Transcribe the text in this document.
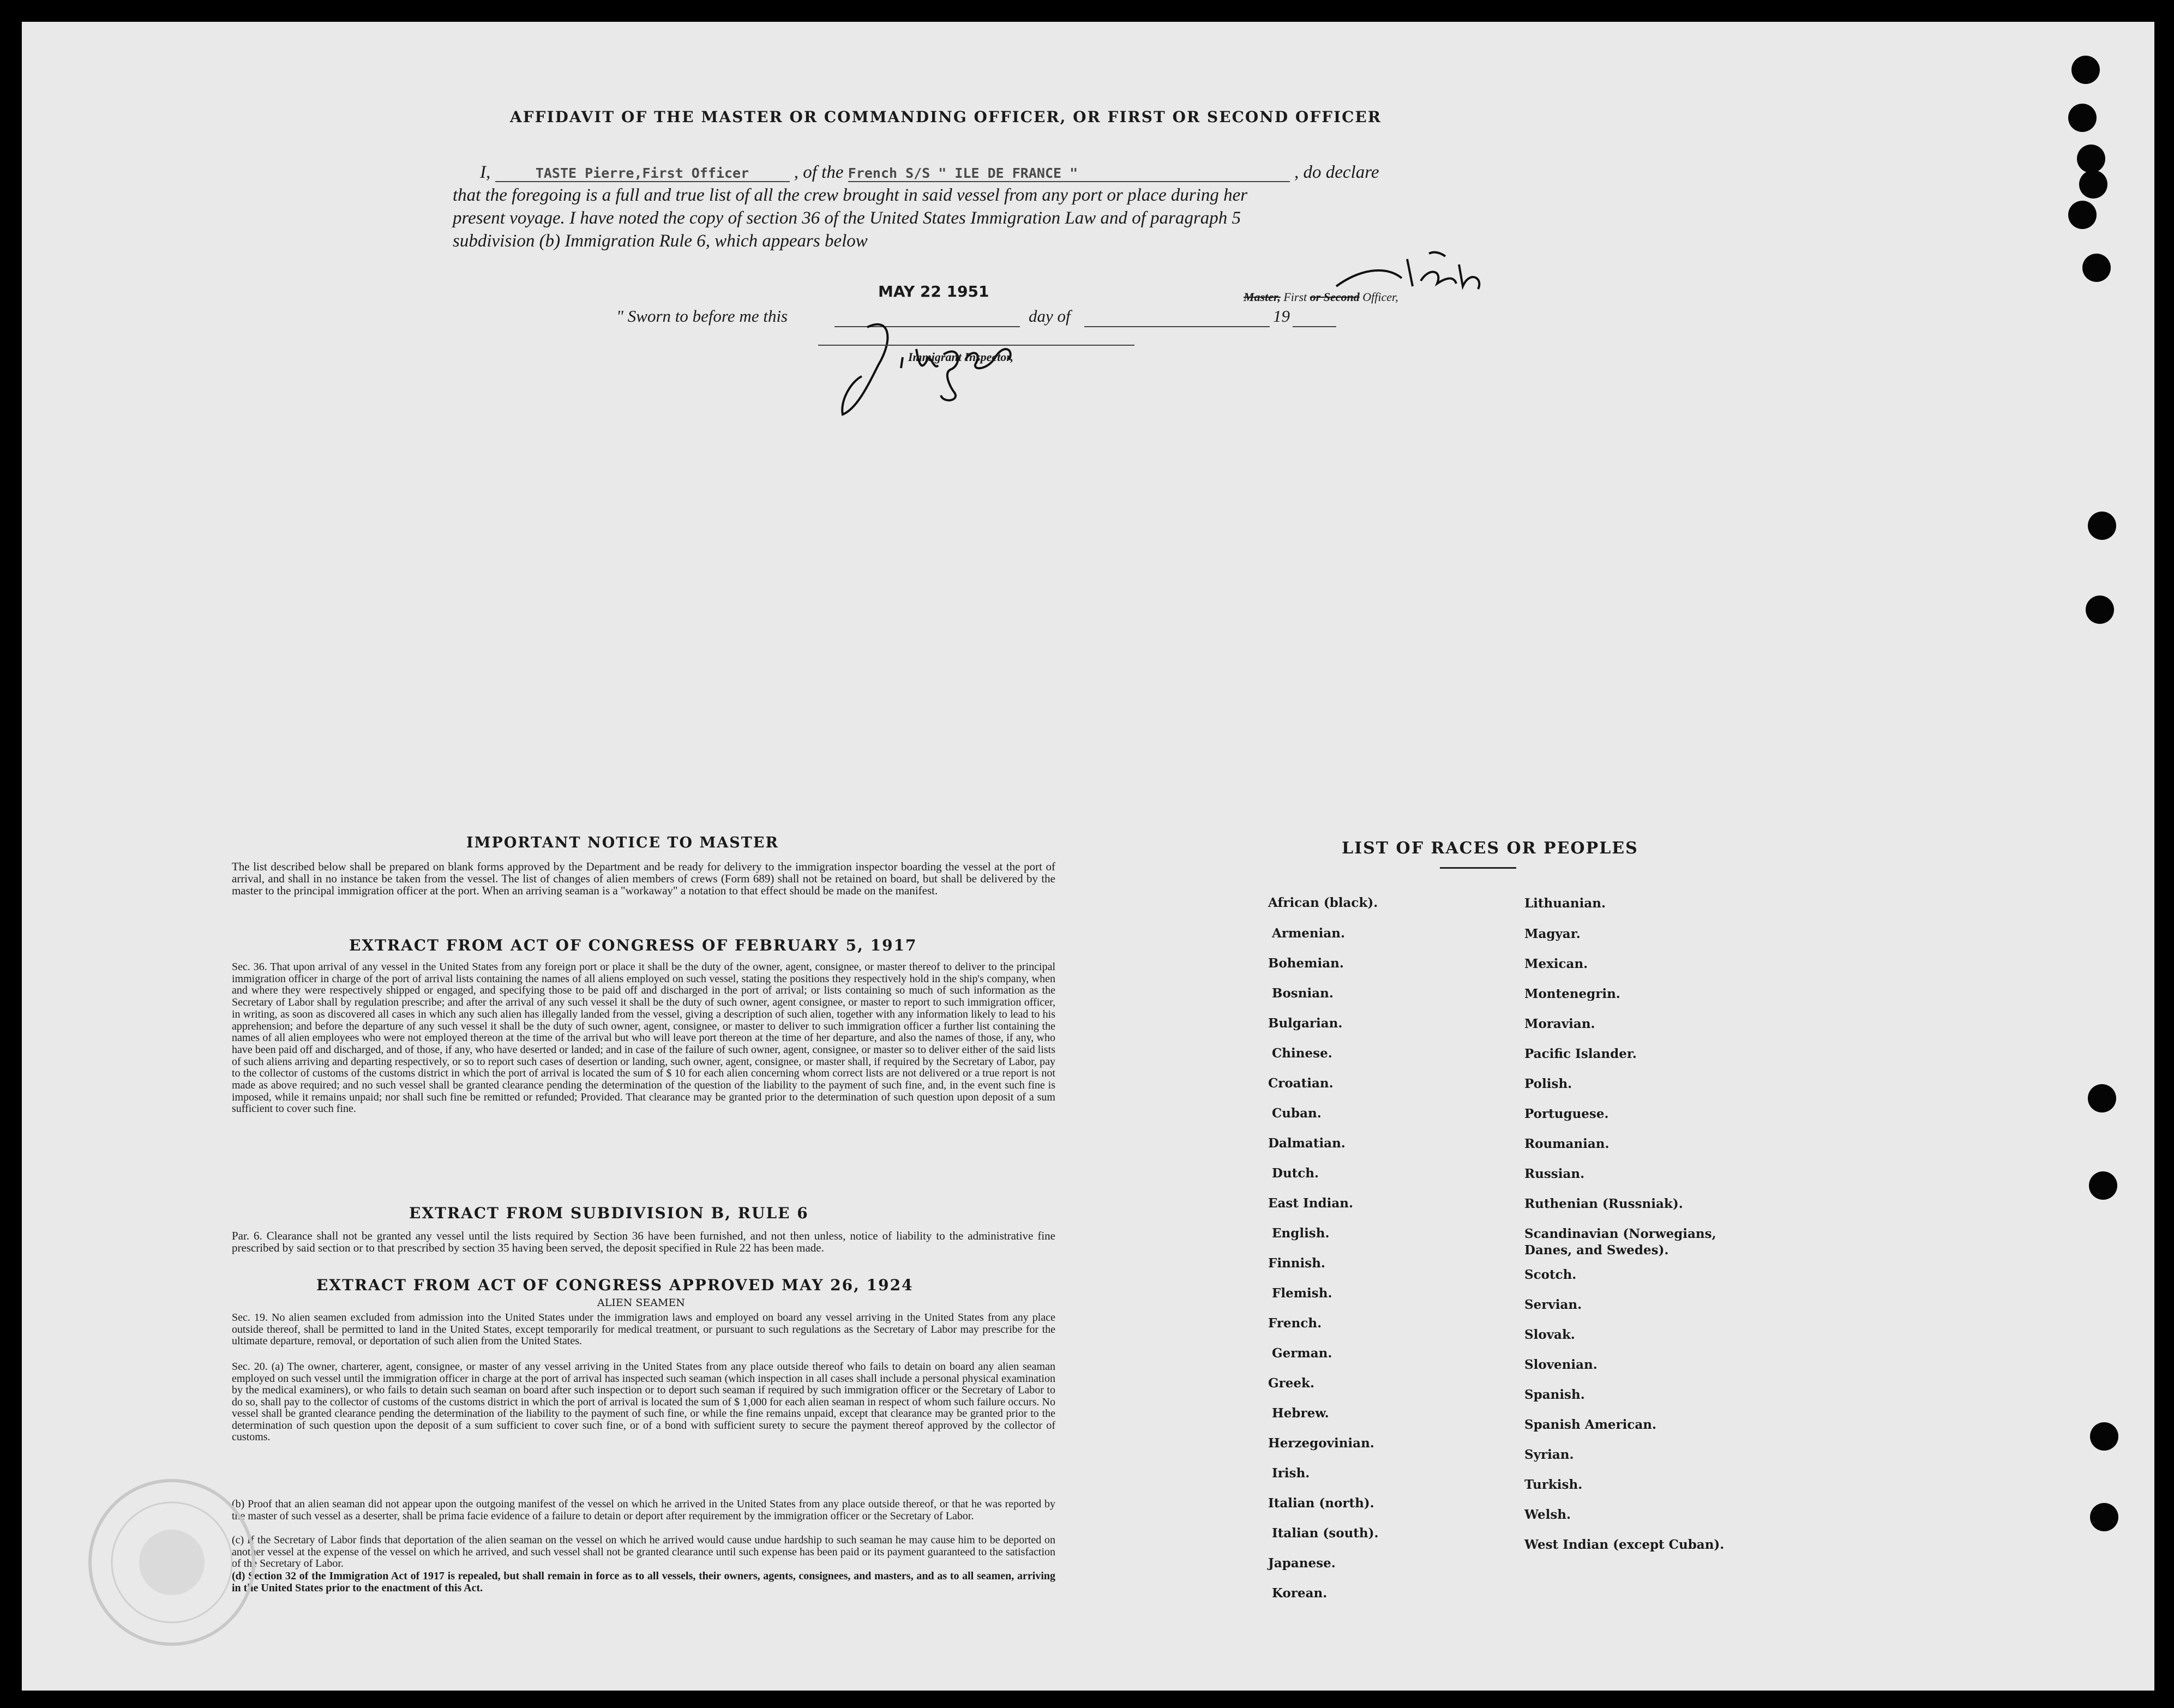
AFFIDAVIT OF THE MASTER OR COMMANDING OFFICER, OR FIRST OR SECOND OFFICER
I,	TASTE Pierre,First Officer	, of the French S/S " ILE DE FRANCE "	, do declare
that the foregoing is a full and true list of all the crew brought in said vessel from any port or place during her
present voyage. I have noted the copy of section 36 of the United States Immigration Law and of paragraph 5
subdivision (b) Immigration Rule 6, which appears below
Master, First or Second Officer,
" Sworn to before me this
MAY 22 1951
day of	19
Immigrant Inspector,
IMPORTANT NOTICE TO MASTER
The list described below shall be prepared on blank forms approved by the Department and be ready for delivery to the immigration inspector boarding the vessel at the port of arrival, and shall in no instance be taken from the vessel. The list of changes of alien members of crews (Form 689) shall not be retained on board, but shall be delivered by the master to the principal immigration officer at the port. When an arriving seaman is a "workaway" a notation to that effect should be made on the manifest.
EXTRACT FROM ACT OF CONGRESS OF FEBRUARY 5, 1917
Sec. 36. That upon arrival of any vessel in the United States from any foreign port or place it shall be the duty of the owner, agent, consignee, or master thereof to deliver to the principal immigration officer in charge of the port of arrival lists containing the names of all aliens employed on such vessel, stating the positions they respectively hold in the ship's company, when and where they were respectively shipped or engaged, and specifying those to be paid off and discharged in the port of arrival; or lists containing so much of such information as the Secretary of Labor shall by regulation prescribe; and after the arrival of any such vessel it shall be the duty of such owner, agent consignee, or master to report to such immigration officer, in writing, as soon as discovered all cases in which any such alien has illegally landed from the vessel, giving a description of such alien, together with any information likely to lead to his apprehension; and before the departure of any such vessel it shall be the duty of such owner, agent, consignee, or master to deliver to such immigration officer a further list containing the names of all alien employees who were not employed thereon at the time of the arrival but who will leave port thereon at the time of her departure, and also the names of those, if any, who have been paid off and discharged, and of those, if any, who have deserted or landed; and in case of the failure of such owner, agent, consignee, or master so to deliver either of the said lists of such aliens arriving and departing respectively, or so to report such cases of desertion or landing, such owner, agent, consignee, or master shall, if required by the Secretary of Labor, pay to the collector of customs of the customs district in which the port of arrival is located the sum of $ 10 for each alien concerning whom correct lists are not delivered or a true report is not made as above required; and no such vessel shall be granted clearance pending the determination of the question of the liability to the payment of such fine, and, in the event such fine is imposed, while it remains unpaid; nor shall such fine be remitted or refunded; Provided. That clearance may be granted prior to the determination of such question upon deposit of a sum sufficient to cover such fine.
EXTRACT FROM SUBDIVISION B, RULE 6
Par. 6. Clearance shall not be granted any vessel until the lists required by Section 36 have been furnished, and not then unless, notice of liability to the administrative fine prescribed by said section or to that prescribed by section 35 having been served, the deposit specified in Rule 22 has been made.
EXTRACT FROM ACT OF CONGRESS APPROVED MAY 26, 1924
ALIEN SEAMEN
Sec. 19. No alien seamen excluded from admission into the United States under the immigration laws and employed on board any vessel arriving in the United States from any place outside thereof, shall be permitted to land in the United States, except temporarily for medical treatment, or pursuant to such regulations as the Secretary of Labor may prescribe for the ultimate departure, removal, or deportation of such alien from the United States.
Sec. 20. (a) The owner, charterer, agent, consignee, or master of any vessel arriving in the United States from any place outside thereof who fails to detain on board any alien seaman employed on such vessel until the immigration officer in charge at the port of arrival has inspected such seaman (which inspection in all cases shall include a personal physical examination by the medical examiners), or who fails to detain such seaman on board after such inspection or to deport such seaman if required by such immigration officer or the Secretary of Labor to do so, shall pay to the collector of customs of the customs district in which the port of arrival is located the sum of $ 1,000 for each alien seaman in respect of whom such failure occurs. No vessel shall be granted clearance pending the determination of the liability to the payment of such fine, or while the fine remains unpaid, except that clearance may be granted prior to the determination of such question upon the deposit of a sum sufficient to cover such fine, or of a bond with sufficient surety to secure the payment thereof approved by the collector of customs.
(b) Proof that an alien seaman did not appear upon the outgoing manifest of the vessel on which he arrived in the United States from any place outside thereof, or that he was reported by the master of such vessel as a deserter, shall be prima facie evidence of a failure to detain or deport after requirement by the immigration officer or the Secretary of Labor.
(c) If the Secretary of Labor finds that deportation of the alien seaman on the vessel on which he arrived would cause undue hardship to such seaman he may cause him to be deported on another vessel at the expense of the vessel on which he arrived, and such vessel shall not be granted clearance until such expense has been paid or its payment guaranteed to the satisfaction of the Secretary of Labor.
(d) Section 32 of the Immigration Act of 1917 is repealed, but shall remain in force as to all vessels, their owners, agents, consignees, and masters, and as to all seamen, arriving in the United States prior to the enactment of this Act.
LIST OF RACES OR PEOPLES
African (black).
Armenian.
Bohemian.
Bosnian.
Bulgarian.
Chinese.
Croatian.
Cuban.
Dalmatian.
Dutch.
East Indian.
English.
Finnish.
Flemish.
French.
German.
Greek.
Hebrew.
Herzegovinian.
Irish.
Italian (north).
Italian (south).
Japanese.
Korean.
Lithuanian.
Magyar.
Mexican.
Montenegrin.
Moravian.
Pacific Islander.
Polish.
Portuguese.
Roumanian.
Russian.
Ruthenian (Russniak).
Scandinavian (Norwegians, Danes, and Swedes).
Scotch.
Servian.
Slovak.
Slovenian.
Spanish.
Spanish American.
Syrian.
Turkish.
Welsh.
West Indian (except Cuban).
